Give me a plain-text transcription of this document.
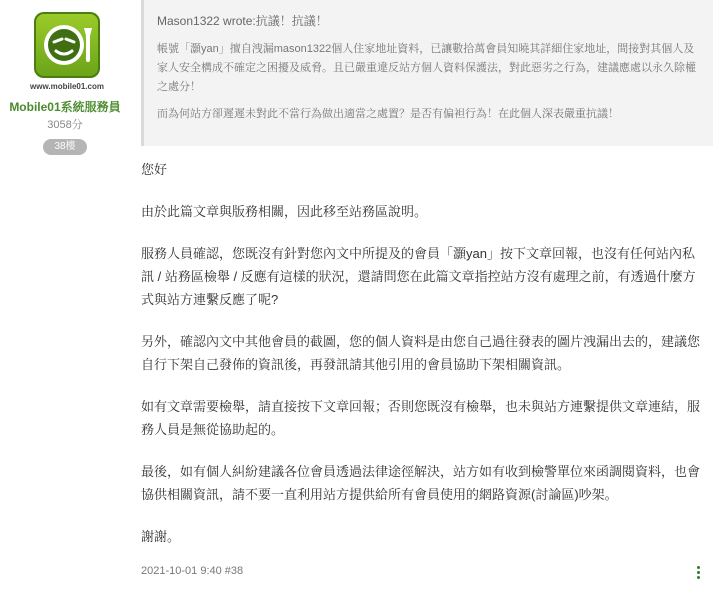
www.mobile01.com
Mobile01系統服務員
3058分
38樓

Mason1322 wrote:抗議！抗議！

帳號「灝yan」擅自洩漏mason1322個人住家地址資料，已讓數拾萬會員知曉其詳細住家地址，間接對其個人及家人安全構成不確定之困擾及威脅。且已嚴重違反站方個人資料保護法，對此惡劣之行為，建議應處以永久除權之處分！

而為何站方卻遲遲未對此不當行為做出適當之處置？是否有偏袒行為！在此個人深表嚴重抗議！

您好

由於此篇文章與版務相關，因此移至站務區說明。

服務人員確認，您既沒有針對您內文中所提及的會員「灝yan」按下文章回報，也沒有任何站內私訊 / 站務區檢舉 / 反應有這樣的狀況，還請問您在此篇文章指控站方沒有處理之前，有透過什麼方式與站方連繫反應了呢?

另外，確認內文中其他會員的截圖，您的個人資料是由您自己過往發表的圖片洩漏出去的，建議您自行下架自己發佈的資訊後，再發訊請其他引用的會員協助下架相關資訊。

如有文章需要檢舉，請直接按下文章回報；否則您既沒有檢舉，也未與站方連繫提供文章連結，服務人員是無從協助起的。

最後，如有個人糾紛建議各位會員透過法律途徑解決，站方如有收到檢警單位來函調閱資料，也會協供相關資訊，請不要一直利用站方提供給所有會員使用的網路資源(討論區)吵架。

謝謝。

2021-10-01 9:40 #38
